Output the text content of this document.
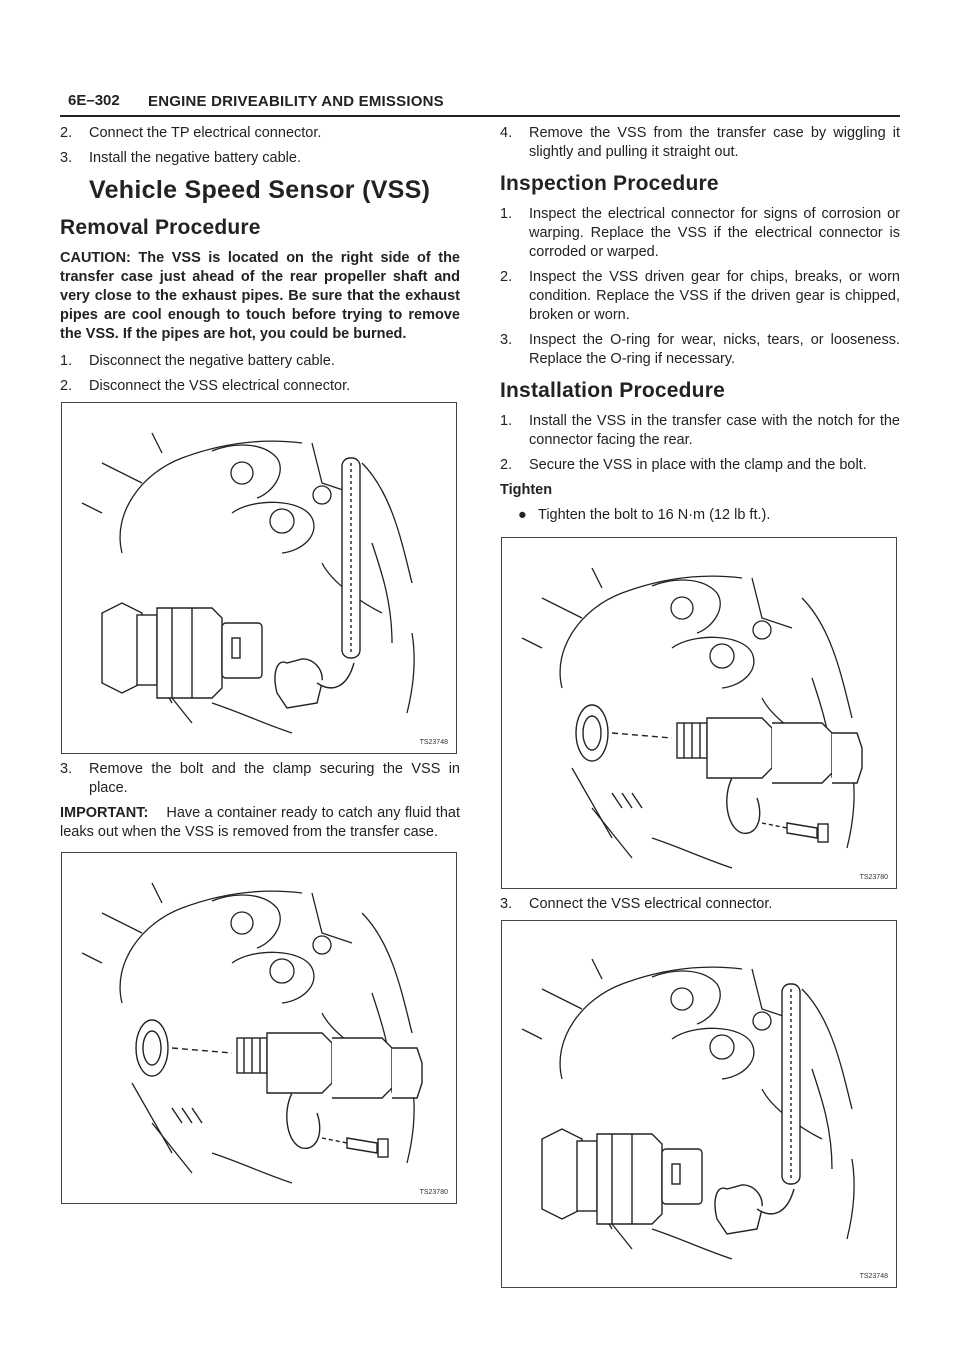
6E–302 ENGINE DRIVEABILITY AND EMISSIONS
2.	Connect the TP electrical connector.
3.	Install the negative battery cable.
Vehicle Speed Sensor (VSS)
Removal Procedure
CAUTION: The VSS is located on the right side of the transfer case just ahead of the rear propeller shaft and very close to the exhaust pipes. Be sure that the exhaust pipes are cool enough to touch before trying to remove the VSS. If the pipes are hot, you could be burned.
1.	Disconnect the negative battery cable.
2.	Disconnect the VSS electrical connector.
TS23748
3.	Remove the bolt and the clamp securing the VSS in place.
IMPORTANT: Have a container ready to catch any fluid that leaks out when the VSS is removed from the transfer case.
TS23780
4.	Remove the VSS from the transfer case by wiggling it slightly and pulling it straight out.
Inspection Procedure
1.	Inspect the electrical connector for signs of corrosion or warping. Replace the VSS if the electrical connector is corroded or warped.
2.	Inspect the VSS driven gear for chips, breaks, or worn condition. Replace the VSS if the driven gear is chipped, broken or worn.
3.	Inspect the O-ring for wear, nicks, tears, or looseness. Replace the O-ring if necessary.
Installation Procedure
1.	Install the VSS in the transfer case with the notch for the connector facing the rear.
2.	Secure the VSS in place with the clamp and the bolt.
Tighten
● Tighten the bolt to 16 N·m (12 lb ft.).
TS23780
3.	Connect the VSS electrical connector.
TS23748
